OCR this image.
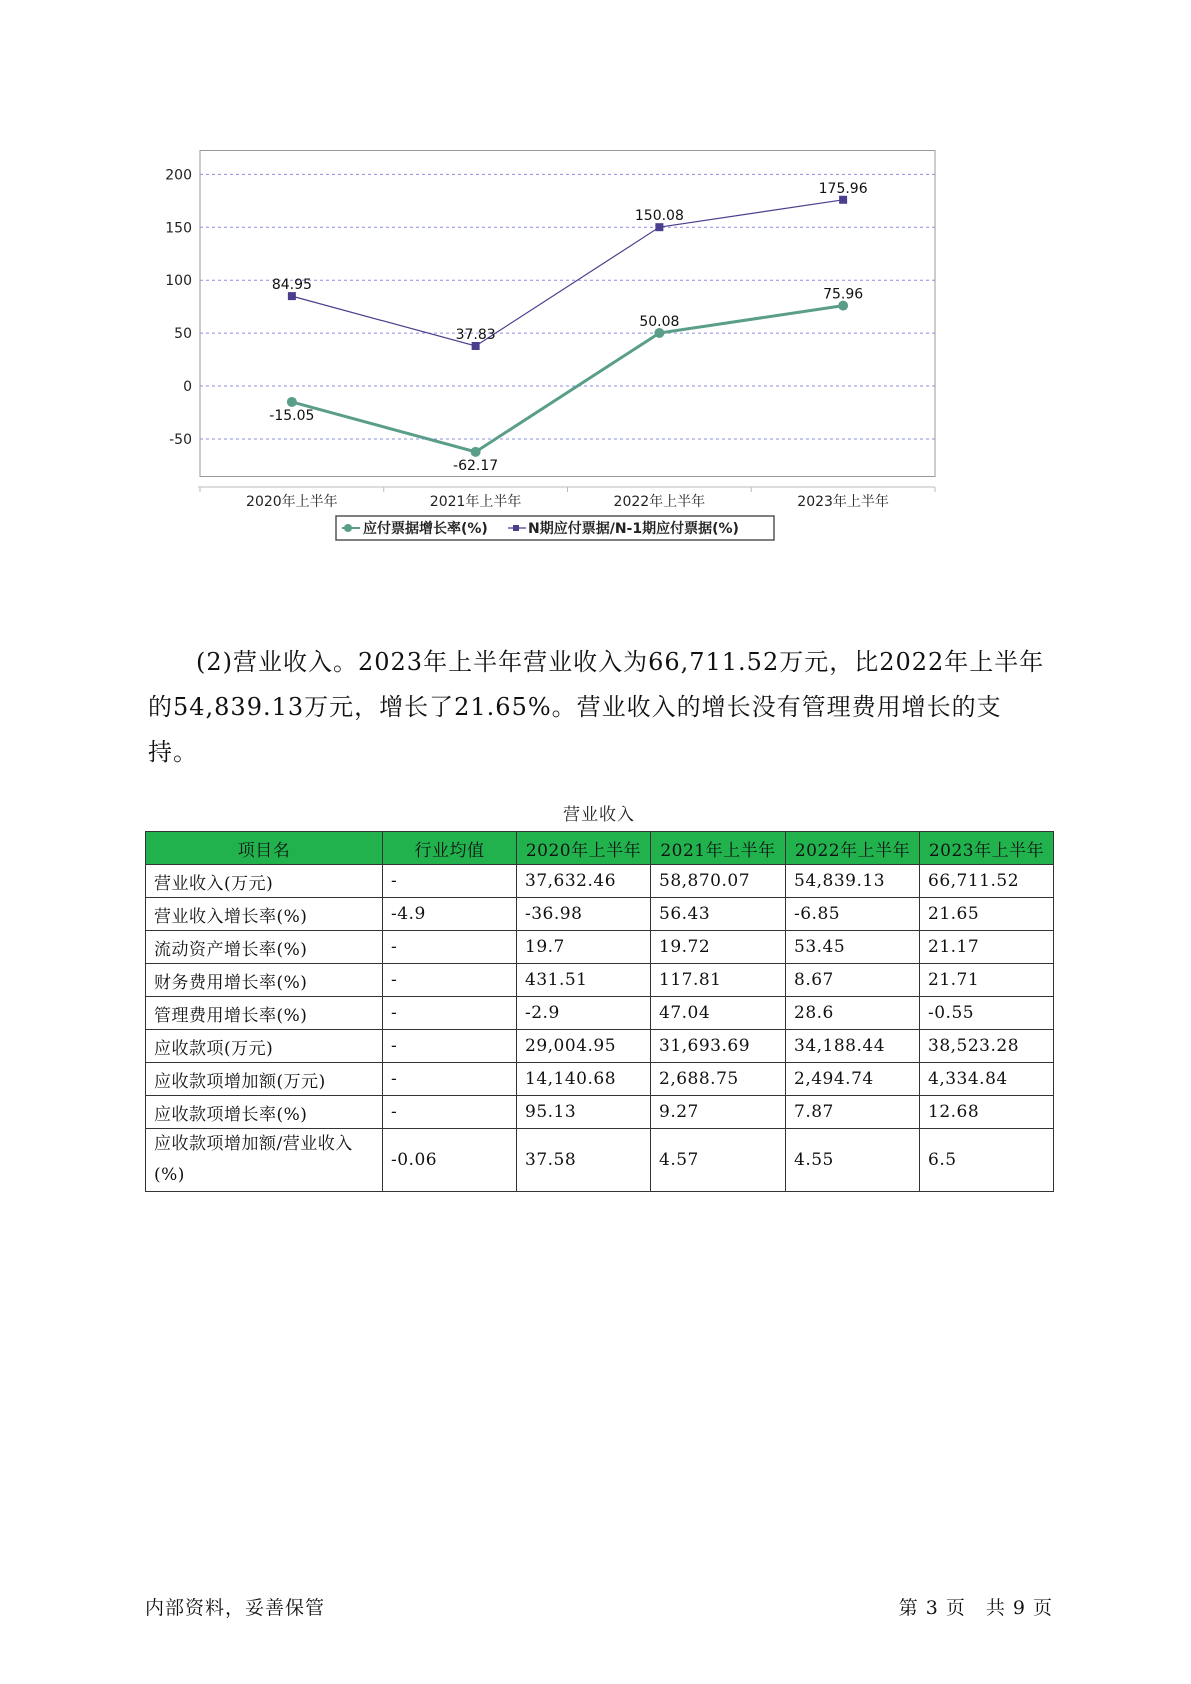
-50
0
50
100
150
200
2020年上半年	2021年上半年	2022年上半年	2023年上半年
-15.05
-62.17
50.08
75.96
84.95
37.83
150.08
175.96
应付票据增长率(%)	N期应付票据/N-1期应付票据(%)

(2)营业收入。2023年上半年营业收入为66,711.52万元，比2022年上半年的54,839.13万元，增长了21.65%。营业收入的增长没有管理费用增长的支持。

营业收入
项目名	行业均值	2020年上半年	2021年上半年	2022年上半年	2023年上半年
营业收入(万元)	-	37,632.46	58,870.07	54,839.13	66,711.52
营业收入增长率(%)	-4.9	-36.98	56.43	-6.85	21.65
流动资产增长率(%)	-	19.7	19.72	53.45	21.17
财务费用增长率(%)	-	431.51	117.81	8.67	21.71
管理费用增长率(%)	-	-2.9	47.04	28.6	-0.55
应收款项(万元)	-	29,004.95	31,693.69	34,188.44	38,523.28
应收款项增加额(万元)	-	14,140.68	2,688.75	2,494.74	4,334.84
应收款项增长率(%)	-	95.13	9.27	7.87	12.68
应收款项增加额/营业收入(%)	-0.06	37.58	4.57	4.55	6.5
内部资料，妥善保管	第 3 页　共 9 页
